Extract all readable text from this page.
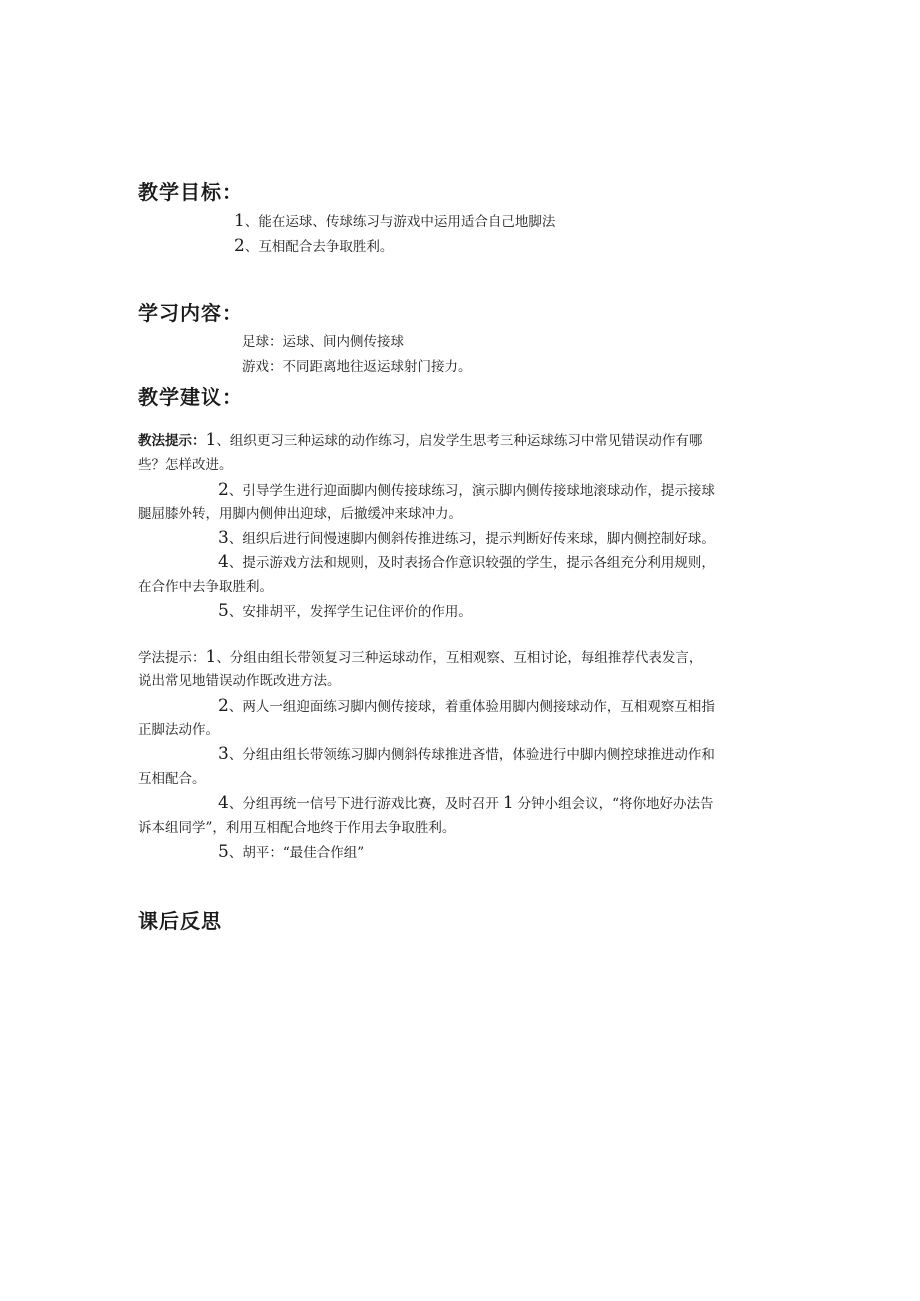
教学目标：
1、能在运球、传球练习与游戏中运用适合自己地脚法
2、互相配合去争取胜利。
学习内容：
足球：运球、间内侧传接球
游戏：不同距离地往返运球射门接力。
教学建议：
教法提示：1、组织更习三种运球的动作练习，启发学生思考三种运球练习中常见错误动作有哪
些？怎样改进。
2、引导学生进行迎面脚内侧传接球练习，演示脚内侧传接球地滚球动作，提示接球
腿屈膝外转，用脚内侧伸出迎球，后撤缓冲来球冲力。
3、组织后进行间慢速脚内侧斜传推进练习，提示判断好传来球，脚内侧控制好球。
4、提示游戏方法和规则，及时表扬合作意识较强的学生，提示各组充分利用规则，
在合作中去争取胜利。
5、安排胡平，发挥学生记住评价的作用。
学法提示：1、分组由组长带领复习三种运球动作，互相观察、互相讨论，每组推荐代表发言，
说出常见地错误动作既改进方法。
2、两人一组迎面练习脚内侧传接球，着重体验用脚内侧接球动作，互相观察互相指
正脚法动作。
3、分组由组长带领练习脚内侧斜传球推进吝惜，体验进行中脚内侧控球推进动作和
互相配合。
4、分组再统一信号下进行游戏比赛，及时召开 1 分钟小组会议，“将你地好办法告
诉本组同学”，利用互相配合地终于作用去争取胜利。
5、胡平：“最佳合作组”
课后反思
